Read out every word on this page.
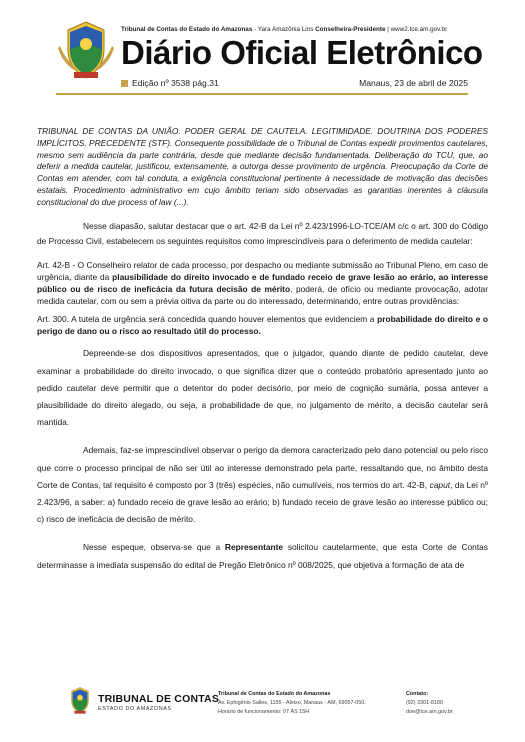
Tribunal de Contas do Estado do Amazonas - Yara Amazônia Lins Conselheira-Presidente | www2.tce.am.gov.br
Diário Oficial Eletrônico
Edição nº 3538 pág.31	Manaus, 23 de abril de 2025

TRIBUNAL DE CONTAS DA UNIÃO. PODER GERAL DE CAUTELA. LEGITIMIDADE. DOUTRINA DOS PODERES IMPLÍCITOS. PRECEDENTE (STF). Consequente possibilidade de o Tribunal de Contas expedir provimentos cautelares, mesmo sem audiência da parte contrária, desde que mediante decisão fundamentada. Deliberação do TCU, que, ao deferir a medida cautelar, justificou, extensamente, a outorga desse provimento de urgência. Preocupação da Corte de Contas em atender, com tal conduta, a exigência constitucional pertinente à necessidade de motivação das decisões estatais. Procedimento administrativo em cujo âmbito teriam sido observadas as garantias inerentes à cláusula constitucional do due process of law (...).

Nesse diapasão, salutar destacar que o art. 42-B da Lei nº 2.423/1996-LO-TCE/AM c/c o art. 300 do Código de Processo Civil, estabelecem os seguintes requisitos como imprescindíveis para o deferimento de medida cautelar:

Art. 42-B - O Conselheiro relator de cada processo, por despacho ou mediante submissão ao Tribunal Pleno, em caso de urgência, diante da plausibilidade do direito invocado e de fundado receio de grave lesão ao erário, ao interesse público ou de risco de ineficácia da futura decisão de mérito, poderá, de ofício ou mediante provocação, adotar medida cautelar, com ou sem a prévia oitiva da parte ou do interessado, determinando, entre outras providências:

Art. 300. A tutela de urgência será concedida quando houver elementos que evidenciem a probabilidade do direito e o perigo de dano ou o risco ao resultado útil do processo.

Depreende-se dos dispositivos apresentados, que o julgador, quando diante de pedido cautelar, deve examinar a probabilidade do direito invocado, o que significa dizer que o conteúdo probatório apresentado junto ao pedido cautelar deve permitir que o detentor do poder decisório, por meio de cognição sumária, possa antever a plausibilidade do direito alegado, ou seja, a probabilidade de que, no julgamento de mérito, a decisão cautelar será mantida.

Ademais, faz-se imprescindível observar o perigo da demora caracterizado pelo dano potencial ou pelo risco que corre o processo principal de não ser útil ao interesse demonstrado pela parte, ressaltando que, no âmbito desta Corte de Contas, tal requisito é composto por 3 (três) espécies, não cumulíveis, nos termos do art. 42-B, caput, da Lei nº 2.423/96, a saber: a) fundado receio de grave lesão ao erário; b) fundado receio de grave lesão ao interesse público ou; c) risco de ineficácia de decisão de mérito.

Nesse espeque, observa-se que a Representante solicitou cautelarmente, que esta Corte de Contas determinasse a imediata suspensão do edital de Pregão Eletrônico nº 008/2025, que objetiva a formação de ata de

TRIBUNAL DE CONTAS
ESTADO DO AMAZONAS
Tribunal de Contas do Estado do Amazonas
Av. Ephigênio Salles, 1155 - Aleixo, Manaus - AM, 69057-050.
Horário de funcionamento: 07 ÀS 15H
Contato:
(92) 3301-8180
doe@tce.am.gov.br
